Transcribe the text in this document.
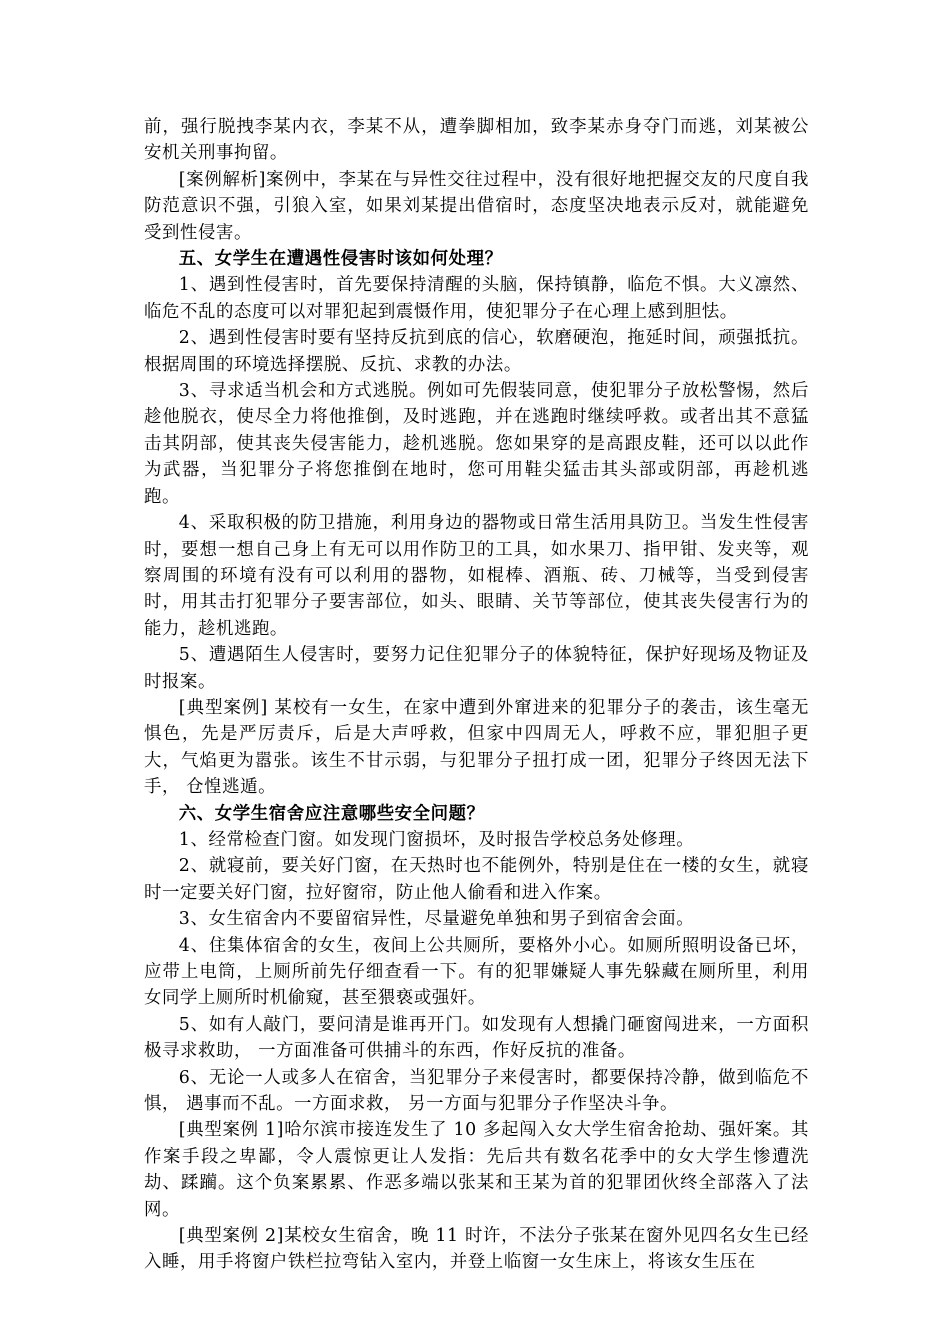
前，强行脱拽李某内衣，李某不从，遭拳脚相加，致李某赤身夺门而逃，刘某被公安机关刑事拘留。

[案例解析]案例中，李某在与异性交往过程中，没有很好地把握交友的尺度自我防范意识不强，引狼入室，如果刘某提出借宿时，态度坚决地表示反对，就能避免受到性侵害。

五、女学生在遭遇性侵害时该如何处理？

1、遇到性侵害时，首先要保持清醒的头脑，保持镇静，临危不惧。大义凛然、临危不乱的态度可以对罪犯起到震慑作用，使犯罪分子在心理上感到胆怯。

2、遇到性侵害时要有坚持反抗到底的信心，软磨硬泡，拖延时间，顽强抵抗。根据周围的环境选择摆脱、反抗、求教的办法。

3、寻求适当机会和方式逃脱。例如可先假装同意，使犯罪分子放松警惕，然后趁他脱衣，使尽全力将他推倒，及时逃跑，并在逃跑时继续呼救。或者出其不意猛击其阴部，使其丧失侵害能力，趁机逃脱。您如果穿的是高跟皮鞋，还可以以此作为武器，当犯罪分子将您推倒在地时，您可用鞋尖猛击其头部或阴部，再趁机逃跑。

4、采取积极的防卫措施，利用身边的器物或日常生活用具防卫。当发生性侵害时，要想一想自己身上有无可以用作防卫的工具，如水果刀、指甲钳、发夹等，观察周围的环境有没有可以利用的器物，如棍棒、酒瓶、砖、刀械等，当受到侵害时，用其击打犯罪分子要害部位，如头、眼睛、关节等部位，使其丧失侵害行为的能力，趁机逃跑。

5、遭遇陌生人侵害时，要努力记住犯罪分子的体貌特征，保护好现场及物证及时报案。

[典型案例] 某校有一女生，在家中遭到外窜进来的犯罪分子的袭击，该生毫无惧色，先是严厉责斥，后是大声呼救，但家中四周无人，呼救不应，罪犯胆子更大，气焰更为嚣张。该生不甘示弱，与犯罪分子扭打成一团，犯罪分子终因无法下手， 仓惶逃遁。

六、女学生宿舍应注意哪些安全问题？

1、经常检查门窗。如发现门窗损坏，及时报告学校总务处修理。

2、就寝前，要关好门窗，在天热时也不能例外，特别是住在一楼的女生，就寝时一定要关好门窗，拉好窗帘，防止他人偷看和进入作案。

3、女生宿舍内不要留宿异性，尽量避免单独和男子到宿舍会面。

4、住集体宿舍的女生，夜间上公共厕所，要格外小心。如厕所照明设备已坏，应带上电筒，上厕所前先仔细查看一下。有的犯罪嫌疑人事先躲藏在厕所里，利用女同学上厕所时机偷窥，甚至猥亵或强奸。

5、如有人敲门，要问清是谁再开门。如发现有人想撬门砸窗闯进来，一方面积极寻求救助， 一方面准备可供捕斗的东西，作好反抗的准备。

6、无论一人或多人在宿舍，当犯罪分子来侵害时，都要保持冷静，做到临危不惧， 遇事而不乱。一方面求救， 另一方面与犯罪分子作坚决斗争。

[典型案例 1]哈尔滨市接连发生了 10 多起闯入女大学生宿舍抢劫、强奸案。其作案手段之卑鄙，令人震惊更让人发指：先后共有数名花季中的女大学生惨遭洗劫、蹂躏。这个负案累累、作恶多端以张某和王某为首的犯罪团伙终全部落入了法网。

[典型案例 2]某校女生宿舍，晚 11 时许，不法分子张某在窗外见四名女生已经入睡，用手将窗户铁栏拉弯钻入室内，并登上临窗一女生床上，将该女生压在
